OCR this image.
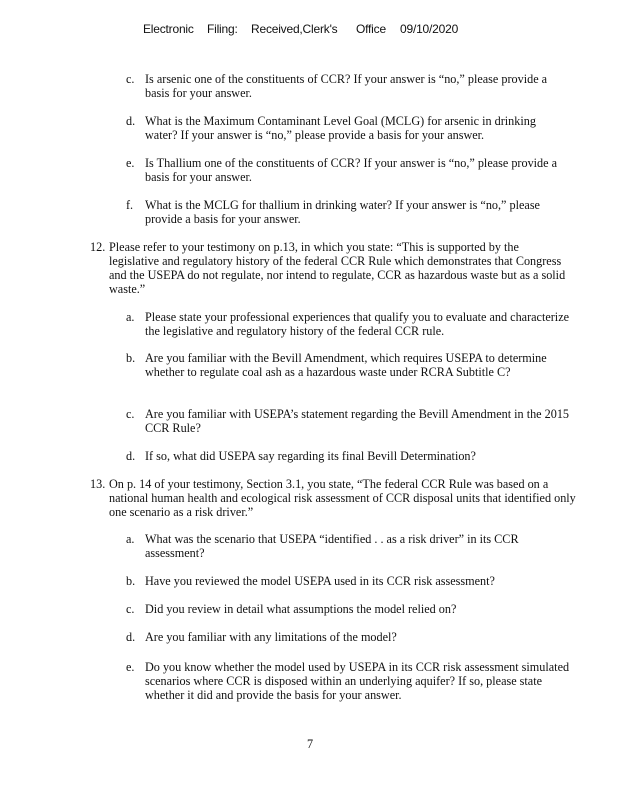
Electronic Filing: Received,Clerk's Office 09/10/2020
c. Is arsenic one of the constituents of CCR? If your answer is “no,” please provide a basis for your answer.
d. What is the Maximum Contaminant Level Goal (MCLG) for arsenic in drinking water? If your answer is “no,” please provide a basis for your answer.
e. Is Thallium one of the constituents of CCR? If your answer is “no,” please provide a basis for your answer.
f. What is the MCLG for thallium in drinking water? If your answer is “no,” please provide a basis for your answer.
12. Please refer to your testimony on p.13, in which you state: “This is supported by the legislative and regulatory history of the federal CCR Rule which demonstrates that Congress and the USEPA do not regulate, nor intend to regulate, CCR as hazardous waste but as a solid waste.”
a. Please state your professional experiences that qualify you to evaluate and characterize the legislative and regulatory history of the federal CCR rule.
b. Are you familiar with the Bevill Amendment, which requires USEPA to determine whether to regulate coal ash as a hazardous waste under RCRA Subtitle C?
c. Are you familiar with USEPA’s statement regarding the Bevill Amendment in the 2015 CCR Rule?
d. If so, what did USEPA say regarding its final Bevill Determination?
13. On p. 14 of your testimony, Section 3.1, you state, “The federal CCR Rule was based on a national human health and ecological risk assessment of CCR disposal units that identified only one scenario as a risk driver.”
a. What was the scenario that USEPA “identified . . as a risk driver” in its CCR assessment?
b. Have you reviewed the model USEPA used in its CCR risk assessment?
c. Did you review in detail what assumptions the model relied on?
d. Are you familiar with any limitations of the model?
e. Do you know whether the model used by USEPA in its CCR risk assessment simulated scenarios where CCR is disposed within an underlying aquifer? If so, please state whether it did and provide the basis for your answer.
7
